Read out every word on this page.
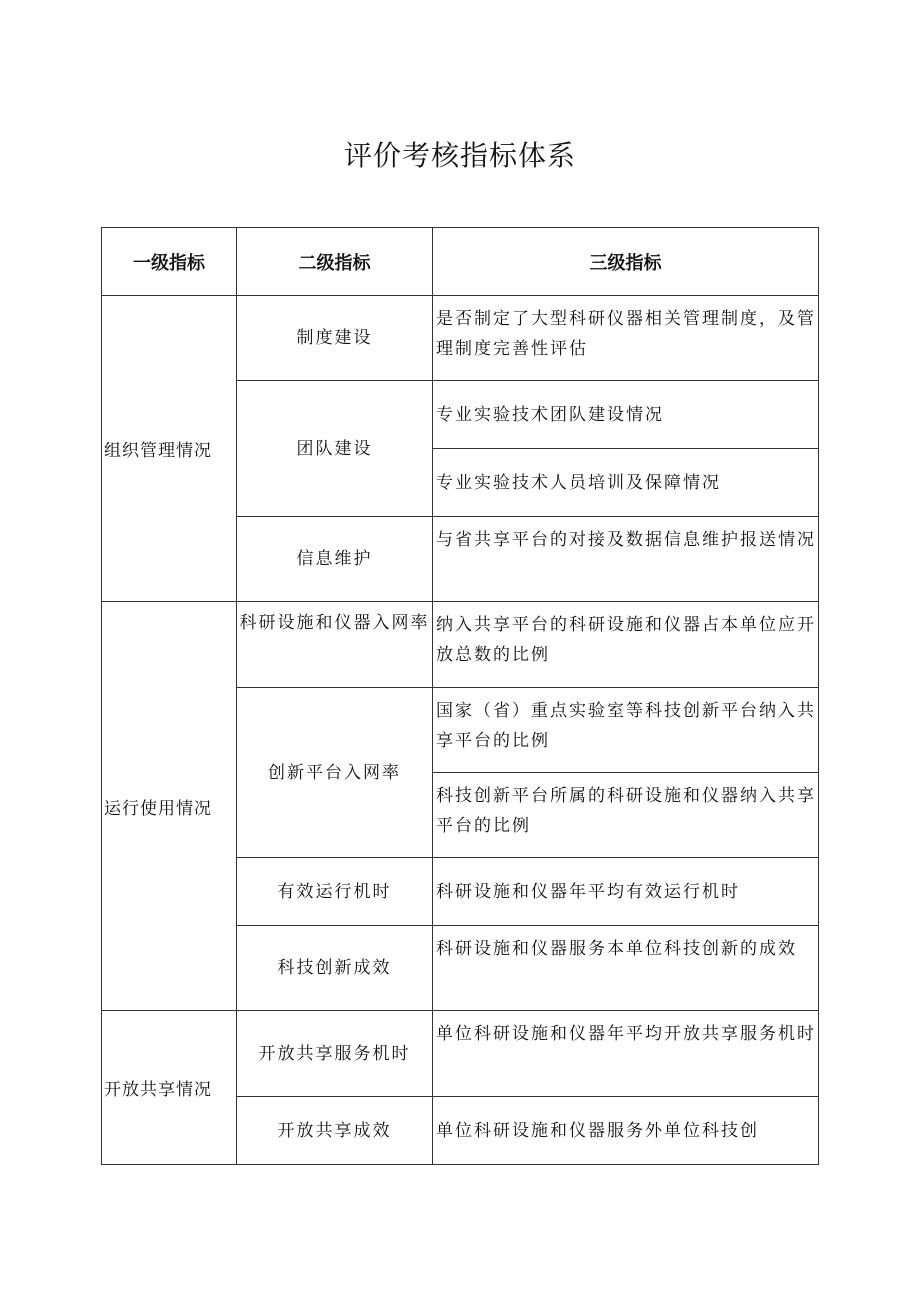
评价考核指标体系
一级指标	二级指标	三级指标
组织管理情况	制度建设	是否制定了大型科研仪器相关管理制度，及管理制度完善性评估
	团队建设	专业实验技术团队建设情况
		专业实验技术人员培训及保障情况
	信息维护	与省共享平台的对接及数据信息维护报送情况
运行使用情况	科研设施和仪器入网率	纳入共享平台的科研设施和仪器占本单位应开放总数的比例
	创新平台入网率	国家（省）重点实验室等科技创新平台纳入共享平台的比例
		科技创新平台所属的科研设施和仪器纳入共享平台的比例
	有效运行机时	科研设施和仪器年平均有效运行机时
	科技创新成效	科研设施和仪器服务本单位科技创新的成效
开放共享情况	开放共享服务机时	单位科研设施和仪器年平均开放共享服务机时
	开放共享成效	单位科研设施和仪器服务外单位科技创
